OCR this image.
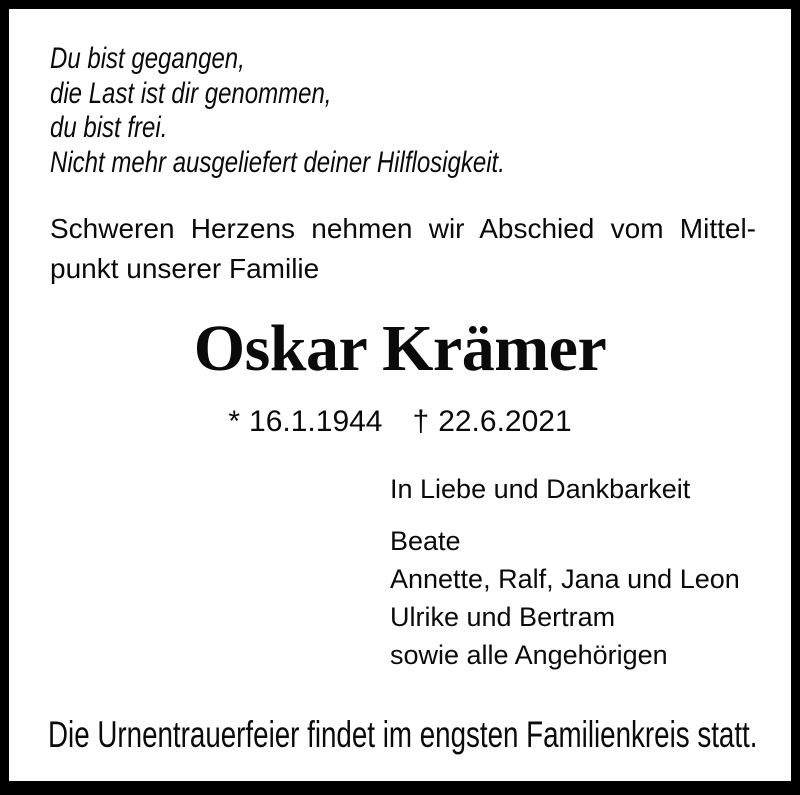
Du bist gegangen,
die Last ist dir genommen,
du bist frei.
Nicht mehr ausgeliefert deiner Hilflosigkeit.
Schweren Herzens nehmen wir Abschied vom Mittel-
punkt unserer Familie
Oskar Krämer
* 16.1.1944 † 22.6.2021
In Liebe und Dankbarkeit
Beate
Annette, Ralf, Jana und Leon
Ulrike und Bertram
sowie alle Angehörigen
Die Urnentrauerfeier findet im engsten Familienkreis statt.
